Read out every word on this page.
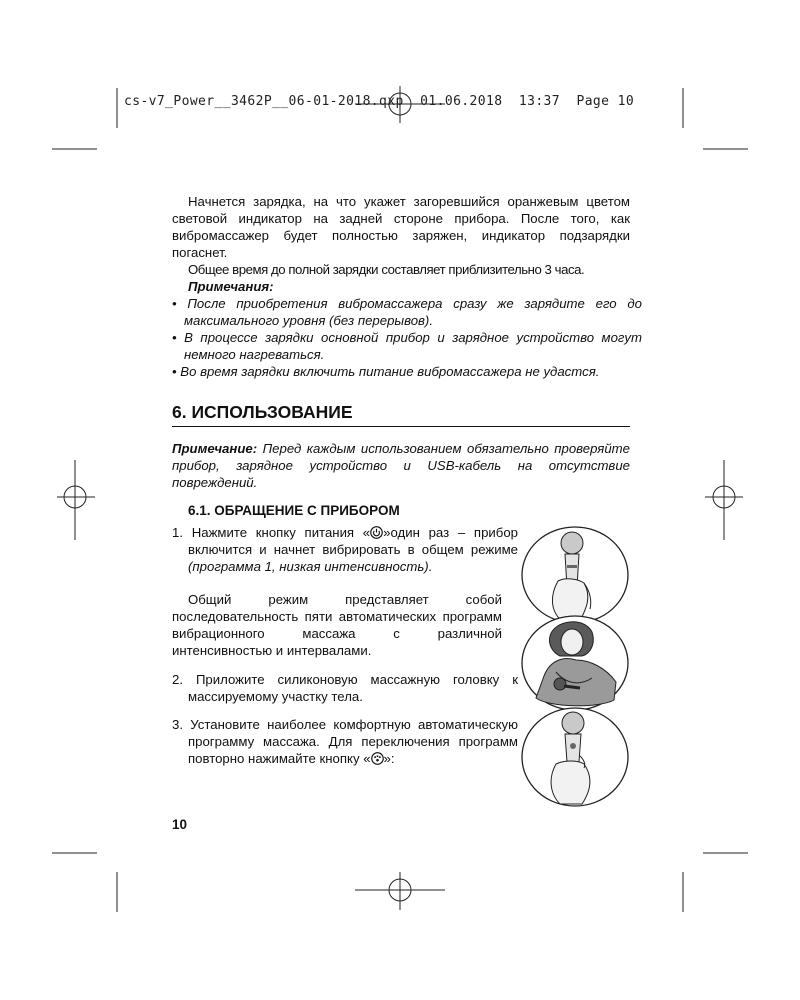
cs-v7_Power__3462P__06-01-2018.qxp  01.06.2018  13:37  Page 10
Начнется зарядка, на что укажет загоревшийся оранжевым цветом световой индикатор на задней стороне прибора. После того, как вибромассажер будет полностью заряжен, индикатор подзарядки погаснет.
Общее время до полной зарядки составляет приблизительно 3 часа.
Примечания:
• После приобретения вибромассажера сразу же зарядите его до максимального уровня (без перерывов).
• В процессе зарядки основной прибор и зарядное устройство могут немного нагреваться.
• Во время зарядки включить питание вибромассажера не удастся.
6. ИСПОЛЬЗОВАНИЕ
Примечание: Перед каждым использованием обязательно проверяйте прибор, зарядное устройство и USB-кабель на отсутствие повреждений.
6.1. ОБРАЩЕНИЕ С ПРИБОРОМ
1. Нажмите кнопку питания « »один раз – прибор включится и начнет вибрировать в общем режиме (программа 1, низкая интенсивность).
Общий режим представляет собой последовательность пяти автоматических программ вибрационного массажа с различной интенсивностью и интервалами.
2. Приложите силиконовую массажную головку к массируемому участку тела.
3. Установите наиболее комфортную автоматическую программу массажа. Для переключения программ повторно нажимайте кнопку « »:
10
